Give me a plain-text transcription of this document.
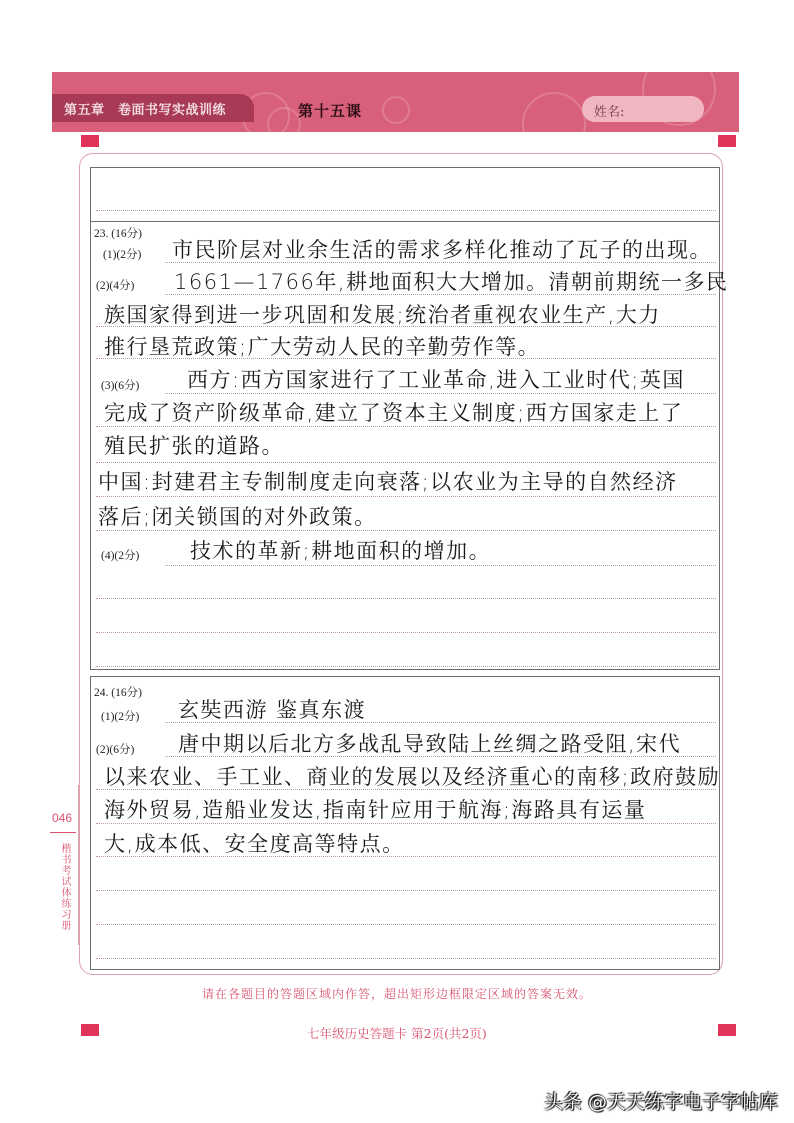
第五章　卷面书写实战训练	第十五课	姓名:
046
楷书考试体练习册
23. (16分)
(1)(2分) 市民阶层对业余生活的需求多样化推动了瓦子的出现。
(2)(4分) 1661—1766年,耕地面积大大增加。清朝前期统一多民
族国家得到进一步巩固和发展;统治者重视农业生产,大力
推行垦荒政策;广大劳动人民的辛勤劳作等。
(3)(6分) 西方:西方国家进行了工业革命,进入工业时代;英国
完成了资产阶级革命,建立了资本主义制度;西方国家走上了
殖民扩张的道路。
中国:封建君主专制制度走向衰落;以农业为主导的自然经济
落后;闭关锁国的对外政策。
(4)(2分) 技术的革新;耕地面积的增加。
24. (16分)
(1)(2分) 玄奘西游 鉴真东渡
(2)(6分) 唐中期以后北方多战乱导致陆上丝绸之路受阻,宋代
以来农业、手工业、商业的发展以及经济重心的南移;政府鼓励
海外贸易,造船业发达,指南针应用于航海;海路具有运量
大,成本低、安全度高等特点。
请在各题目的答题区域内作答，超出矩形边框限定区域的答案无效。
七年级历史答题卡 第2页(共2页)
头条 @天天练字电子字帖库
